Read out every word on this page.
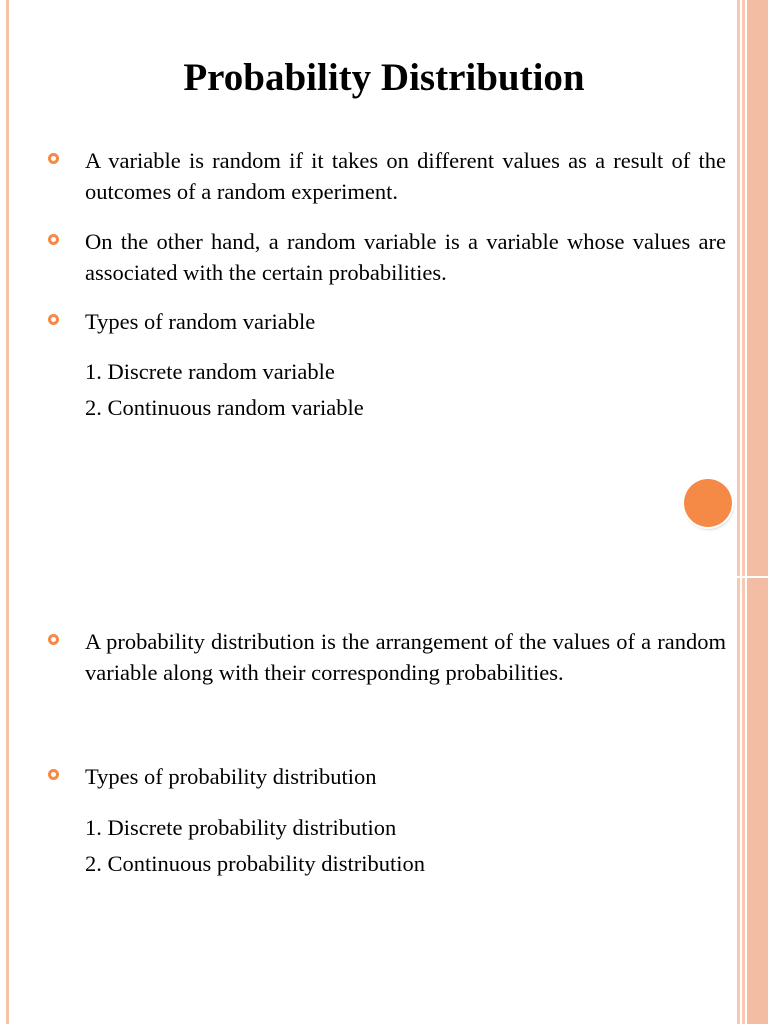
Probability Distribution
A variable is random if it takes on different values as a result of the outcomes of a random experiment.
On the other hand, a random variable is a variable whose values are associated with the certain probabilities.
Types of random variable
1. Discrete random variable
2. Continuous random variable
A probability distribution is the arrangement of the values of a random variable along with their corresponding probabilities.
Types of probability distribution
1. Discrete probability distribution
2. Continuous probability distribution
